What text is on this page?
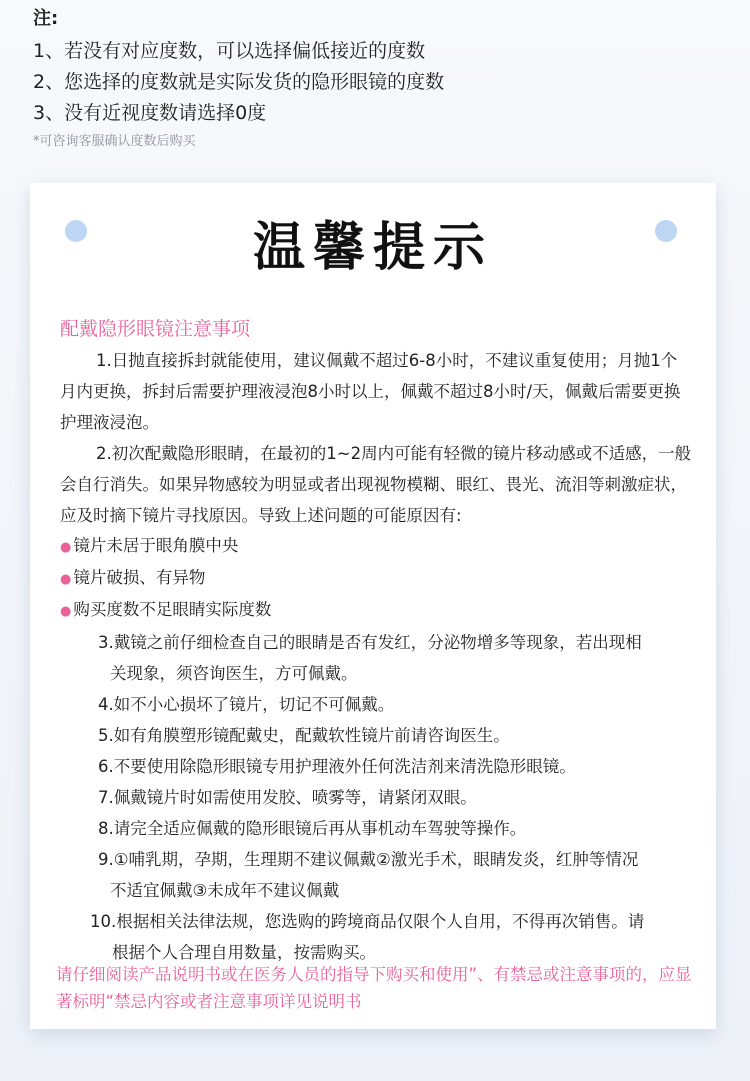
注:
1、若没有对应度数，可以选择偏低接近的度数
2、您选择的度数就是实际发货的隐形眼镜的度数
3、没有近视度数请选择0度
*可咨询客服确认度数后购买
温馨提示
配戴隐形眼镜注意事项

1.日抛直接拆封就能使用，建议佩戴不超过6-8小时，不建议重复使用；月抛1个月内更换，拆封后需要护理液浸泡8小时以上，佩戴不超过8小时/天，佩戴后需要更换护理液浸泡。

2.初次配戴隐形眼睛，在最初的1~2周内可能有轻微的镜片移动感或不适感，一般会自行消失。如果异物感较为明显或者出现视物模糊、眼红、畏光、流泪等刺激症状，应及时摘下镜片寻找原因。导致上述问题的可能原因有:

● 镜片未居于眼角膜中央

● 镜片破损、有异物

● 购买度数不足眼睛实际度数

3.戴镜之前仔细检查自己的眼睛是否有发红，分泌物增多等现象，若出现相
关现象，须咨询医生，方可佩戴。

4.如不小心损坏了镜片，切记不可佩戴。

5.如有角膜塑形镜配戴史，配戴软性镜片前请咨询医生。

6.不要使用除隐形眼镜专用护理液外任何洗洁剂来清洗隐形眼镜。

7.佩戴镜片时如需使用发胶、喷雾等，请紧闭双眼。

8.请完全适应佩戴的隐形眼镜后再从事机动车驾驶等操作。

9.①哺乳期，孕期，生理期不建议佩戴②激光手术，眼睛发炎，红肿等情况
不适宜佩戴③未成年不建议佩戴

10.根据相关法律法规，您选购的跨境商品仅限个人自用，不得再次销售。请
根据个人合理自用数量，按需购买。

请仔细阅读产品说明书或在医务人员的指导下购买和使用”、有禁忌或注意事项的，应显著标明“禁忌内容或者注意事项详见说明书
